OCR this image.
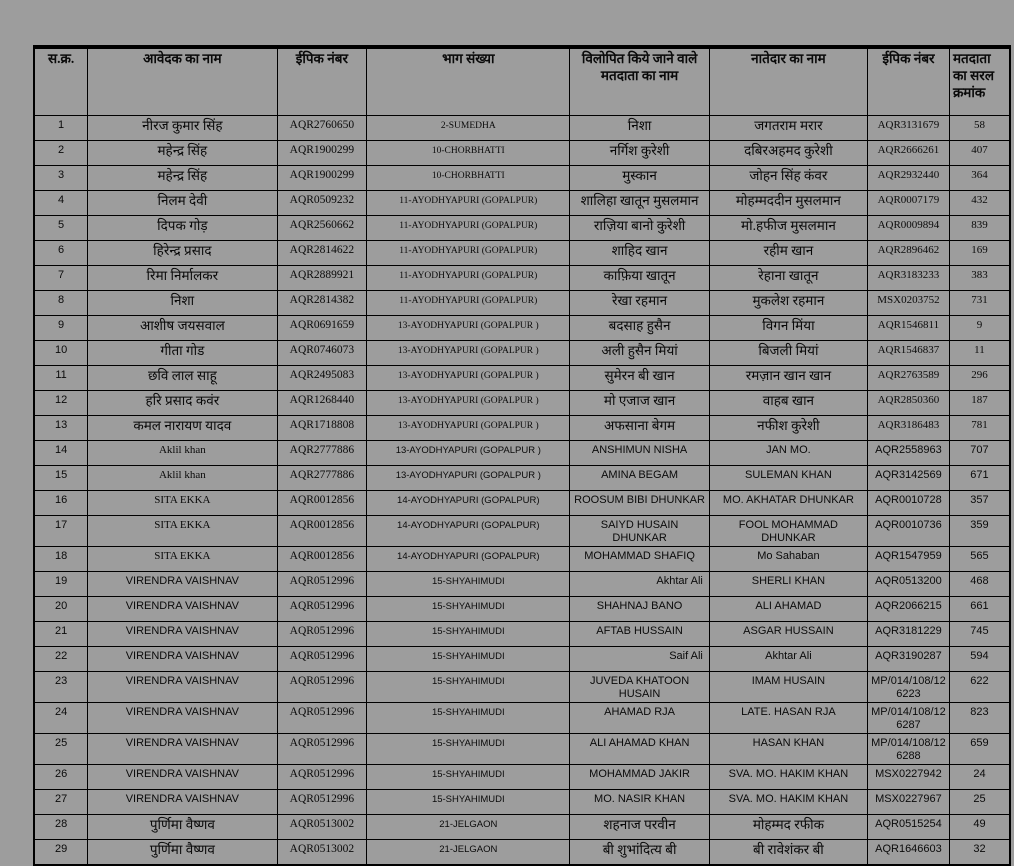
स.क्र.	आवेदक का नाम	ईपिक नंबर	भाग संख्या	विलोपित किये जाने वाले मतदाता का नाम	नातेदार का नाम	ईपिक नंबर	मतदाता का सरल क्रमांक
1	नीरज कुमार सिंह	AQR2760650	2-SUMEDHA	निशा	जगतराम मरार	AQR3131679	58
2	महेन्द्र सिंह	AQR1900299	10-CHORBHATTI	नर्गिश कुरेशी	दबिरअहमद कुरेशी	AQR2666261	407
3	महेन्द्र सिंह	AQR1900299	10-CHORBHATTI	मुस्कान	जोहन सिंह कंवर	AQR2932440	364
4	निलम देवी	AQR0509232	11-AYODHYAPURI (GOPALPUR)	शालिहा खातून मुसलमान	मोहम्मददीन मुसलमान	AQR0007179	432
5	दिपक गोड़	AQR2560662	11-AYODHYAPURI (GOPALPUR)	राज़िया बानो कुरेशी	मो.हफीज मुसलमान	AQR0009894	839
6	हिरेन्द्र प्रसाद	AQR2814622	11-AYODHYAPURI (GOPALPUR)	शाहिद खान	रहीम खान	AQR2896462	169
7	रिमा निर्मालकर	AQR2889921	11-AYODHYAPURI (GOPALPUR)	काफ़िया खातून	रेहाना खातून	AQR3183233	383
8	निशा	AQR2814382	11-AYODHYAPURI (GOPALPUR)	रेखा रहमान	मुकलेश रहमान	MSX0203752	731
9	आशीष जयसवाल	AQR0691659	13-AYODHYAPURI (GOPALPUR )	बदसाह हुसैन	विगन मिंया	AQR1546811	9
10	गीता गोड	AQR0746073	13-AYODHYAPURI (GOPALPUR )	अली हुसैन मियां	बिजली मियां	AQR1546837	11
11	छवि लाल साहू	AQR2495083	13-AYODHYAPURI (GOPALPUR )	सुमेरन बी खान	रमज़ान खान खान	AQR2763589	296
12	हरि प्रसाद कवंर	AQR1268440	13-AYODHYAPURI (GOPALPUR )	मो एजाज खान	वाहब खान	AQR2850360	187
13	कमल नारायण यादव	AQR1718808	13-AYODHYAPURI (GOPALPUR )	अफसाना बेगम	नफीश कुरेशी	AQR3186483	781
14	Aklil khan	AQR2777886	13-AYODHYAPURI (GOPALPUR )	ANSHIMUN NISHA	JAN MO.	AQR2558963	707
15	Aklil khan	AQR2777886	13-AYODHYAPURI (GOPALPUR )	AMINA BEGAM	SULEMAN KHAN	AQR3142569	671
16	SITA EKKA	AQR0012856	14-AYODHYAPURI (GOPALPUR)	ROOSUM BIBI DHUNKAR	MO. AKHATAR DHUNKAR	AQR0010728	357
17	SITA EKKA	AQR0012856	14-AYODHYAPURI (GOPALPUR)	SAIYD HUSAIN DHUNKAR	FOOL MOHAMMAD DHUNKAR	AQR0010736	359
18	SITA EKKA	AQR0012856	14-AYODHYAPURI (GOPALPUR)	MOHAMMAD SHAFIQ	Mo Sahaban	AQR1547959	565
19	VIRENDRA VAISHNAV	AQR0512996	15-SHYAHIMUDI	Akhtar Ali	SHERLI KHAN	AQR0513200	468
20	VIRENDRA VAISHNAV	AQR0512996	15-SHYAHIMUDI	SHAHNAJ BANO	ALI AHAMAD	AQR2066215	661
21	VIRENDRA VAISHNAV	AQR0512996	15-SHYAHIMUDI	AFTAB HUSSAIN	ASGAR HUSSAIN	AQR3181229	745
22	VIRENDRA VAISHNAV	AQR0512996	15-SHYAHIMUDI	Saif Ali	Akhtar Ali	AQR3190287	594
23	VIRENDRA VAISHNAV	AQR0512996	15-SHYAHIMUDI	JUVEDA KHATOON HUSAIN	IMAM HUSAIN	MP/014/108/126223	622
24	VIRENDRA VAISHNAV	AQR0512996	15-SHYAHIMUDI	AHAMAD RJA	LATE. HASAN RJA	MP/014/108/126287	823
25	VIRENDRA VAISHNAV	AQR0512996	15-SHYAHIMUDI	ALI AHAMAD KHAN	HASAN KHAN	MP/014/108/126288	659
26	VIRENDRA VAISHNAV	AQR0512996	15-SHYAHIMUDI	MOHAMMAD JAKIR	SVA. MO. HAKIM KHAN	MSX0227942	24
27	VIRENDRA VAISHNAV	AQR0512996	15-SHYAHIMUDI	MO. NASIR KHAN	SVA. MO. HAKIM KHAN	MSX0227967	25
28	पुर्णिमा वैष्णव	AQR0513002	21-JELGAON	शहनाज परवीन	मोहम्मद रफीक	AQR0515254	49
29	पुर्णिमा वैष्णव	AQR0513002	21-JELGAON	बी शुभांदित्य बी	बी रावेशंकर बी	AQR1646603	32
